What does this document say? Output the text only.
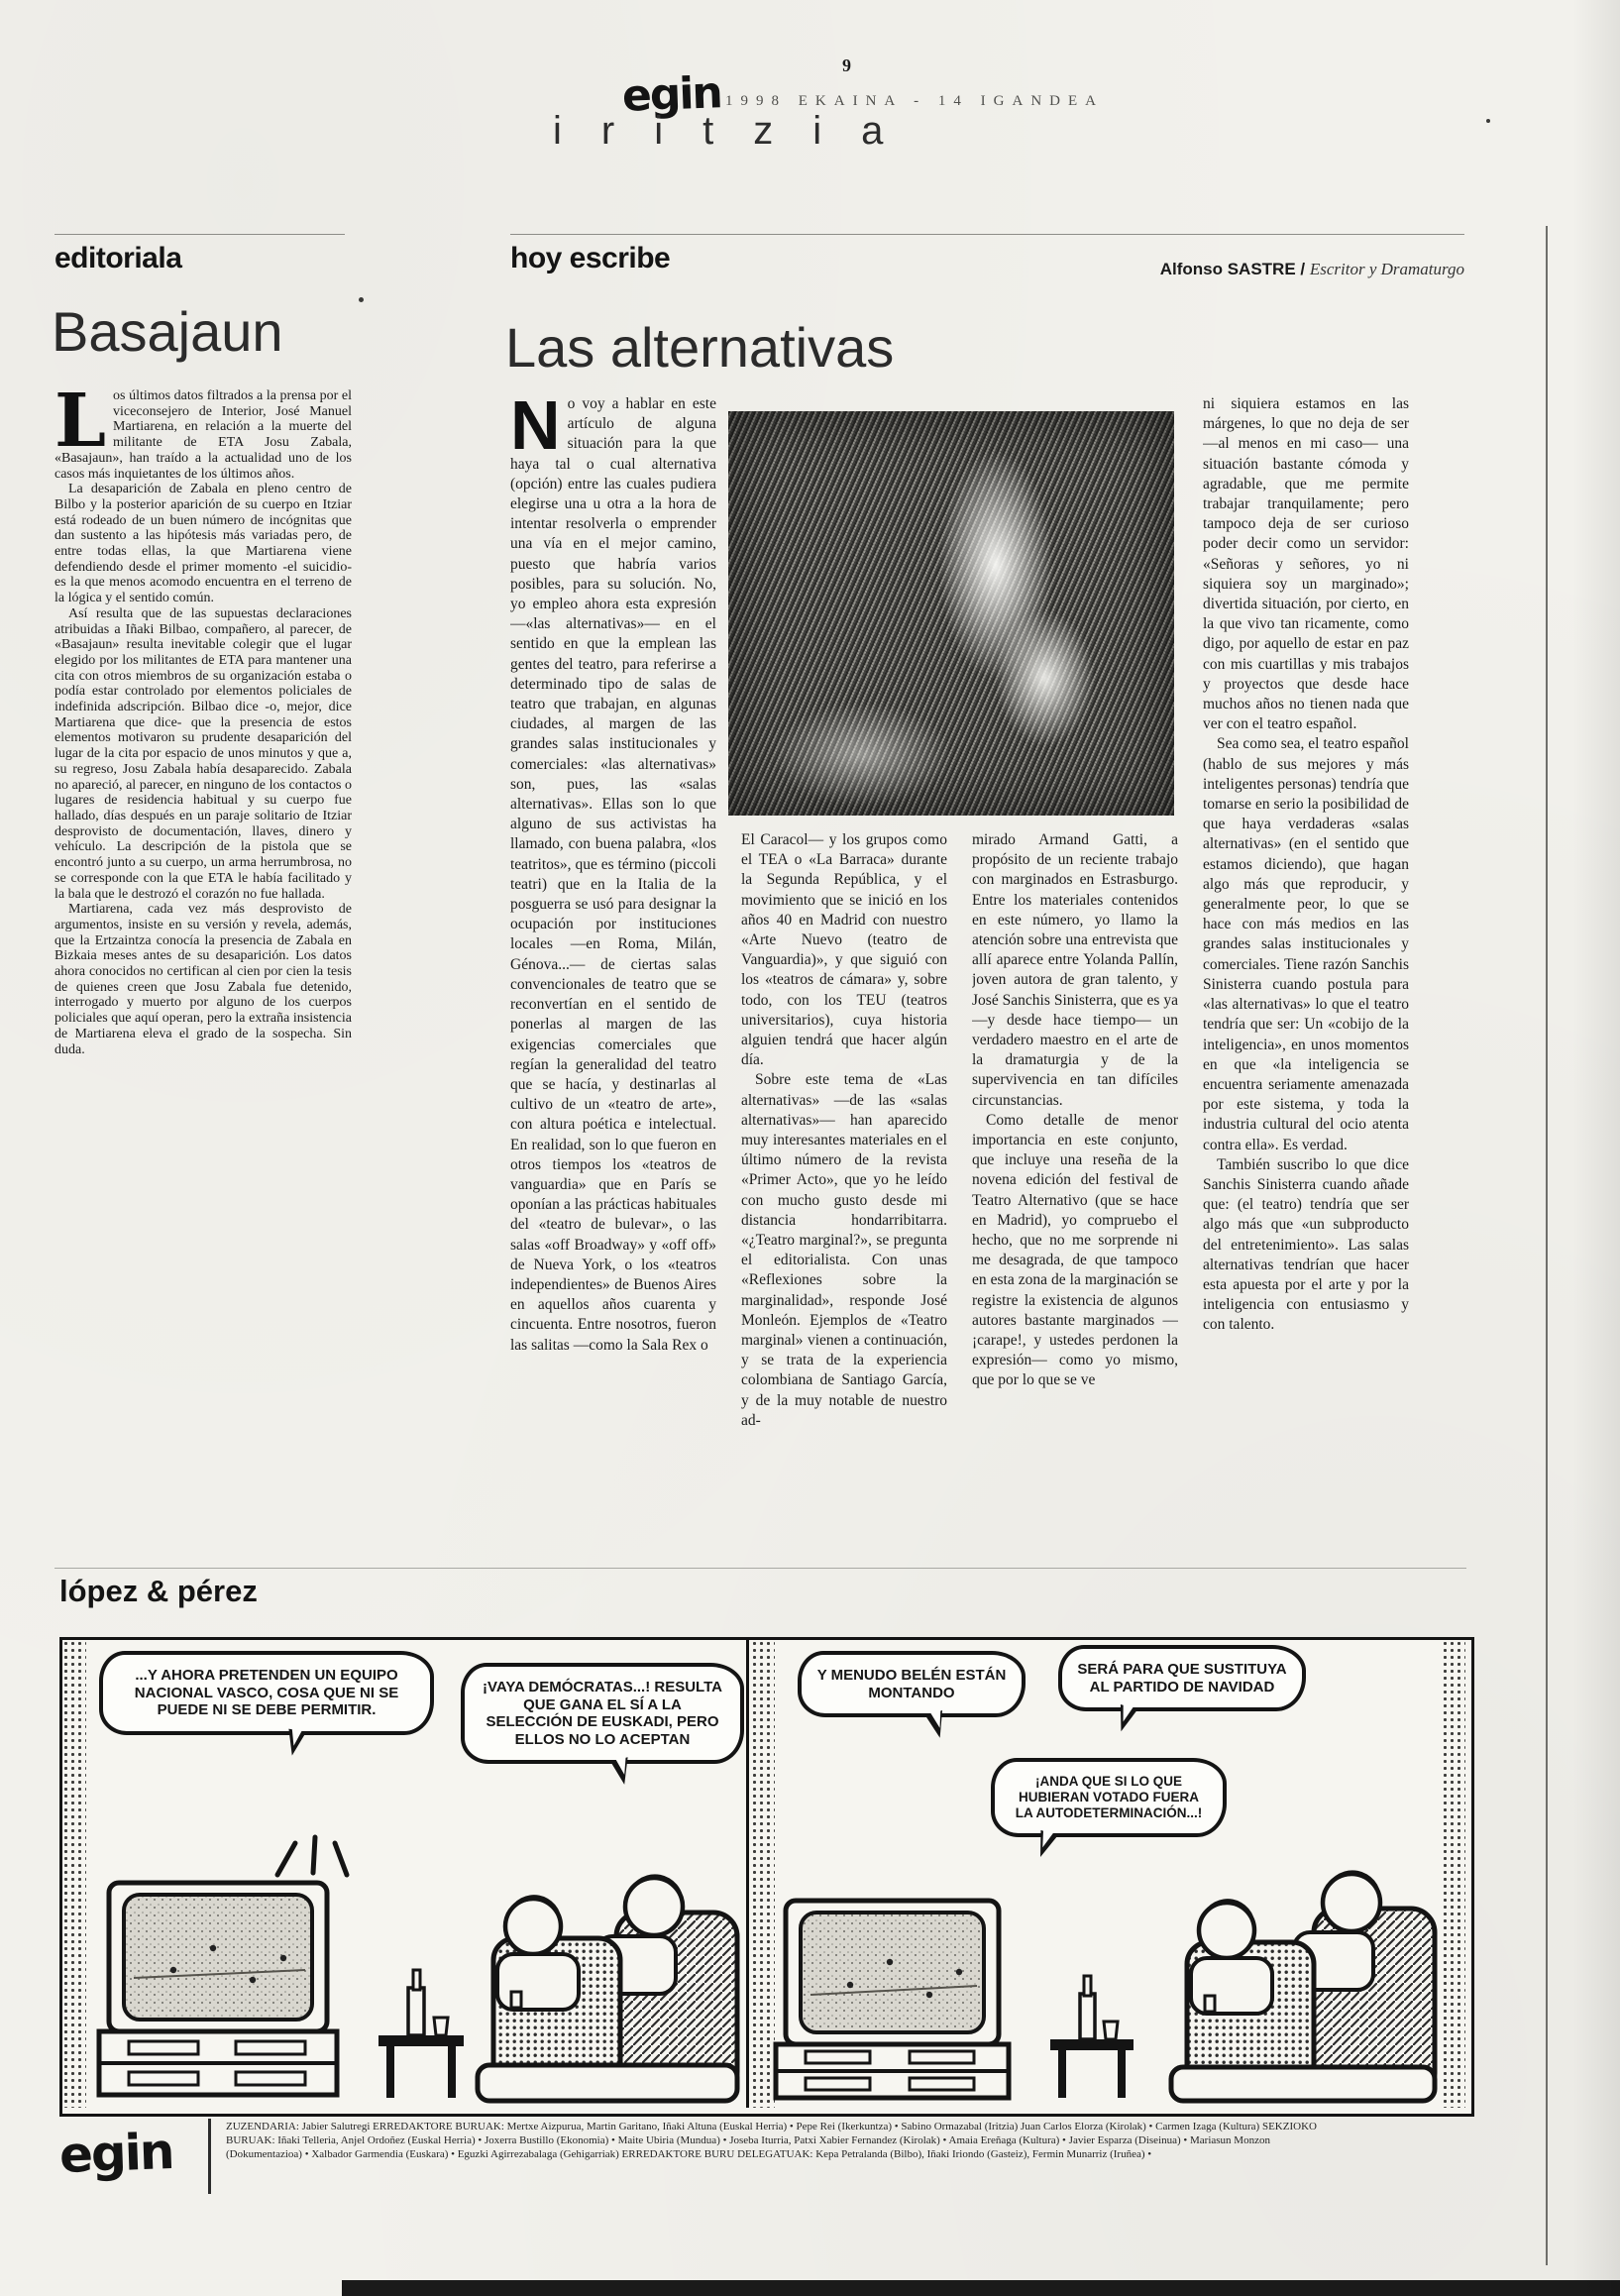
9
egin 1998 EKAINA - 14 IGANDEA
iritzia
editoriala
Basajaun

Los últimos datos filtrados a la prensa por el viceconsejero de Interior, José Manuel Martiarena, en relación a la muerte del militante de ETA Josu Zabala, «Basajaun», han traído a la actualidad uno de los casos más inquietantes de los últimos años.

La desaparición de Zabala en pleno centro de Bilbo y la posterior aparición de su cuerpo en Itziar está rodeado de un buen número de incógnitas que dan sustento a las hipótesis más variadas pero, de entre todas ellas, la que Martiarena viene defendiendo desde el primer momento -el suicidio- es la que menos acomodo encuentra en el terreno de la lógica y el sentido común.

Así resulta que de las supuestas declaraciones atribuidas a Iñaki Bilbao, compañero, al parecer, de «Basajaun» resulta inevitable colegir que el lugar elegido por los militantes de ETA para mantener una cita con otros miembros de su organización estaba o podía estar controlado por elementos policiales de indefinida adscripción. Bilbao dice -o, mejor, dice Martiarena que dice- que la presencia de estos elementos motivaron su prudente desaparición del lugar de la cita por espacio de unos minutos y que a, su regreso, Josu Zabala había desaparecido. Zabala no apareció, al parecer, en ninguno de los contactos o lugares de residencia habitual y su cuerpo fue hallado, días después en un paraje solitario de Itziar desprovisto de documentación, llaves, dinero y vehículo. La descripción de la pistola que se encontró junto a su cuerpo, un arma herrumbrosa, no se corresponde con la que ETA le había facilitado y la bala que le destrozó el corazón no fue hallada.

Martiarena, cada vez más desprovisto de argumentos, insiste en su versión y revela, además, que la Ertzaintza conocía la presencia de Zabala en Bizkaia meses antes de su desaparición. Los datos ahora conocidos no certifican al cien por cien la tesis de quienes creen que Josu Zabala fue detenido, interrogado y muerto por alguno de los cuerpos policiales que aquí operan, pero la extraña insistencia de Martiarena eleva el grado de la sospecha. Sin duda.

hoy escribe	Alfonso SASTRE / Escritor y Dramaturgo
Las alternativas

No voy a hablar en este artículo de alguna situación para la que haya tal o cual alternativa (opción) entre las cuales pudiera elegirse una u otra a la hora de intentar resolverla o emprender una vía en el mejor camino, puesto que habría varios posibles, para su solución. No, yo empleo ahora esta expresión —«las alternativas»— en el sentido en que la emplean las gentes del teatro, para referirse a determinado tipo de salas de teatro que trabajan, en algunas ciudades, al margen de las grandes salas institucionales y comerciales: «las alternativas» son, pues, las «salas alternativas». Ellas son lo que alguno de sus activistas ha llamado, con buena palabra, «los teatritos», que es término (piccoli teatri) que en la Italia de la posguerra se usó para designar la ocupación por instituciones locales —en Roma, Milán, Génova...— de ciertas salas convencionales de teatro que se reconvertían en el sentido de ponerlas al margen de las exigencias comerciales que regían la generalidad del teatro que se hacía, y destinarlas al cultivo de un «teatro de arte», con altura poética e intelectual. En realidad, son lo que fueron en otros tiempos los «teatros de vanguardia» que en París se oponían a las prácticas habituales del «teatro de bulevar», o las salas «off Broadway» y «off off» de Nueva York, o los «teatros independientes» de Buenos Aires en aquellos años cuarenta y cincuenta. Entre nosotros, fueron las salitas —como la Sala Rex o

El Caracol— y los grupos como el TEA o «La Barraca» durante la Segunda República, y el movimiento que se inició en los años 40 en Madrid con nuestro «Arte Nuevo (teatro de Vanguardia)», y que siguió con los «teatros de cámara» y, sobre todo, con los TEU (teatros universitarios), cuya historia alguien tendrá que hacer algún día.

Sobre este tema de «Las alternativas» —de las «salas alternativas»— han aparecido muy interesantes materiales en el último número de la revista «Primer Acto», que yo he leído con mucho gusto desde mi distancia hondarribitarra. «¿Teatro marginal?», se pregunta el editorialista. Con unas «Reflexiones sobre la marginalidad», responde José Monleón. Ejemplos de «Teatro marginal» vienen a continuación, y se trata de la experiencia colombiana de Santiago García, y de la muy notable de nuestro ad-

mirado Armand Gatti, a propósito de un reciente trabajo con marginados en Estrasburgo. Entre los materiales contenidos en este número, yo llamo la atención sobre una entrevista que allí aparece entre Yolanda Pallín, joven autora de gran talento, y José Sanchis Sinisterra, que es ya —y desde hace tiempo— un verdadero maestro en el arte de la dramaturgia y de la supervivencia en tan difíciles circunstancias.

Como detalle de menor importancia en este conjunto, que incluye una reseña de la novena edición del festival de Teatro Alternativo (que se hace en Madrid), yo compruebo el hecho, que no me sorprende ni me desagrada, de que tampoco en esta zona de la marginación se registre la existencia de algunos autores bastante marginados —¡carape!, y ustedes perdonen la expresión— como yo mismo, que por lo que se ve

ni siquiera estamos en las márgenes, lo que no deja de ser —al menos en mi caso— una situación bastante cómoda y agradable, que me permite trabajar tranquilamente; pero tampoco deja de ser curioso poder decir como un servidor: «Señoras y señores, yo ni siquiera soy un marginado»; divertida situación, por cierto, en la que vivo tan ricamente, como digo, por aquello de estar en paz con mis cuartillas y mis trabajos y proyectos que desde hace muchos años no tienen nada que ver con el teatro español.

Sea como sea, el teatro español (hablo de sus mejores y más inteligentes personas) tendría que tomarse en serio la posibilidad de que haya verdaderas «salas alternativas» (en el sentido que estamos diciendo), que hagan algo más que reproducir, y generalmente peor, lo que se hace con más medios en las grandes salas institucionales y comerciales. Tiene razón Sanchis Sinisterra cuando postula para «las alternativas» lo que el teatro tendría que ser: Un «cobijo de la inteligencia», en unos momentos en que «la inteligencia se encuentra seriamente amenazada por este sistema, y toda la industria cultural del ocio atenta contra ella». Es verdad.

También suscribo lo que dice Sanchis Sinisterra cuando añade que: (el teatro) tendría que ser algo más que «un subproducto del entretenimiento». Las salas alternativas tendrían que hacer esta apuesta por el arte y por la inteligencia con entusiasmo y con talento.

lópez & pérez
...Y AHORA PRETENDEN UN EQUIPO NACIONAL VASCO, COSA QUE NI SE PUEDE NI SE DEBE PERMITIR.
¡VAYA DEMÓCRATAS...! RESULTA QUE GANA EL SÍ A LA SELECCIÓN DE EUSKADI, PERO ELLOS NO LO ACEPTAN
Y MENUDO BELÉN ESTÁN MONTANDO
SERÁ PARA QUE SUSTITUYA AL PARTIDO DE NAVIDAD
¡ANDA QUE SI LO QUE HUBIERAN VOTADO FUERA LA AUTODETERMINACIÓN...!
egin	ZUZENDARIA: Jabier Salutregi ERREDAKTORE BURUAK: Mertxe Aizpurua, Martin Garitano, Iñaki Altuna (Euskal Herria) • Pepe Rei (Ikerkuntza) • Sabino Ormazabal (Iritzia) Juan Carlos Elorza (Kirolak) • Carmen Izaga (Kultura) SEKZIOKO
BURUAK: Iñaki Telleria, Anjel Ordoñez (Euskal Herria) • Joxerra Bustillo (Ekonomia) • Maite Ubiria (Mundua) • Joseba Iturria, Patxi Xabier Fernandez (Kirolak) • Amaia Ereñaga (Kultura) • Javier Esparza (Diseinua) • Mariasun Monzon
(Dokumentazioa) • Xalbador Garmendia (Euskara) • Eguzki Agirrezabalaga (Gehigarriak) ERREDAKTORE BURU DELEGATUAK: Kepa Petralanda (Bilbo), Iñaki Iriondo (Gasteiz), Fermin Munarriz (Iruñea) •
